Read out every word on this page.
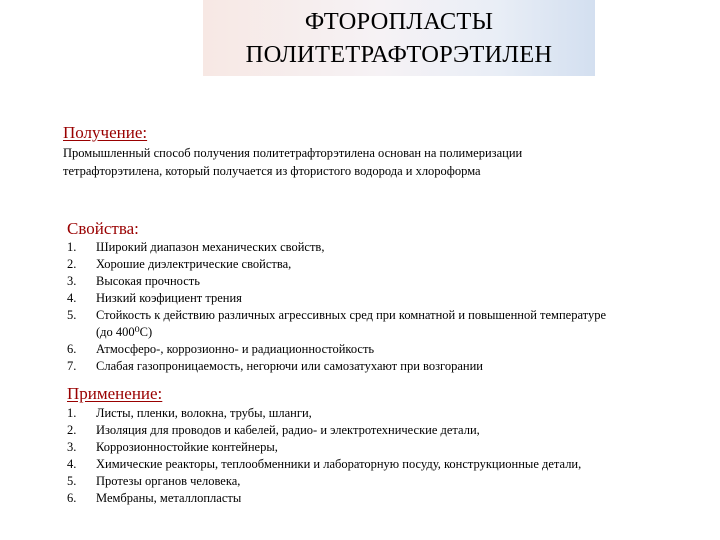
ФТОРОПЛАСТЫ
ПОЛИТЕТРАФТОРЭТИЛЕН
Получение:
Промышленный способ получения политетрафторэтилена основан на полимеризации тетрафторэтилена, который получается из фтористого водорода и хлороформа
Свойства:
1.	Широкий диапазон механических свойств,
2.	Хорошие диэлектрические свойства,
3.	Высокая прочность
4.	Низкий коэфициент трения
5.	Стойкость к действию различных агрессивных сред при комнатной и повышенной температуре (до 400⁰С)
6.	Атмосферо-, коррозионно- и радиационностойкость
7.	Слабая газопроницаемость, негорючи или самозатухают при возгорании
Применение:
1.	Листы, пленки, волокна, трубы, шланги,
2.	Изоляция для проводов и кабелей, радио- и электротехнические детали,
3.	Коррозионностойкие контейнеры,
4.	Химические реакторы, теплообменники и лабораторную посуду, конструкционные детали,
5.	Протезы органов человека,
6.	Мембраны, металлопласты
